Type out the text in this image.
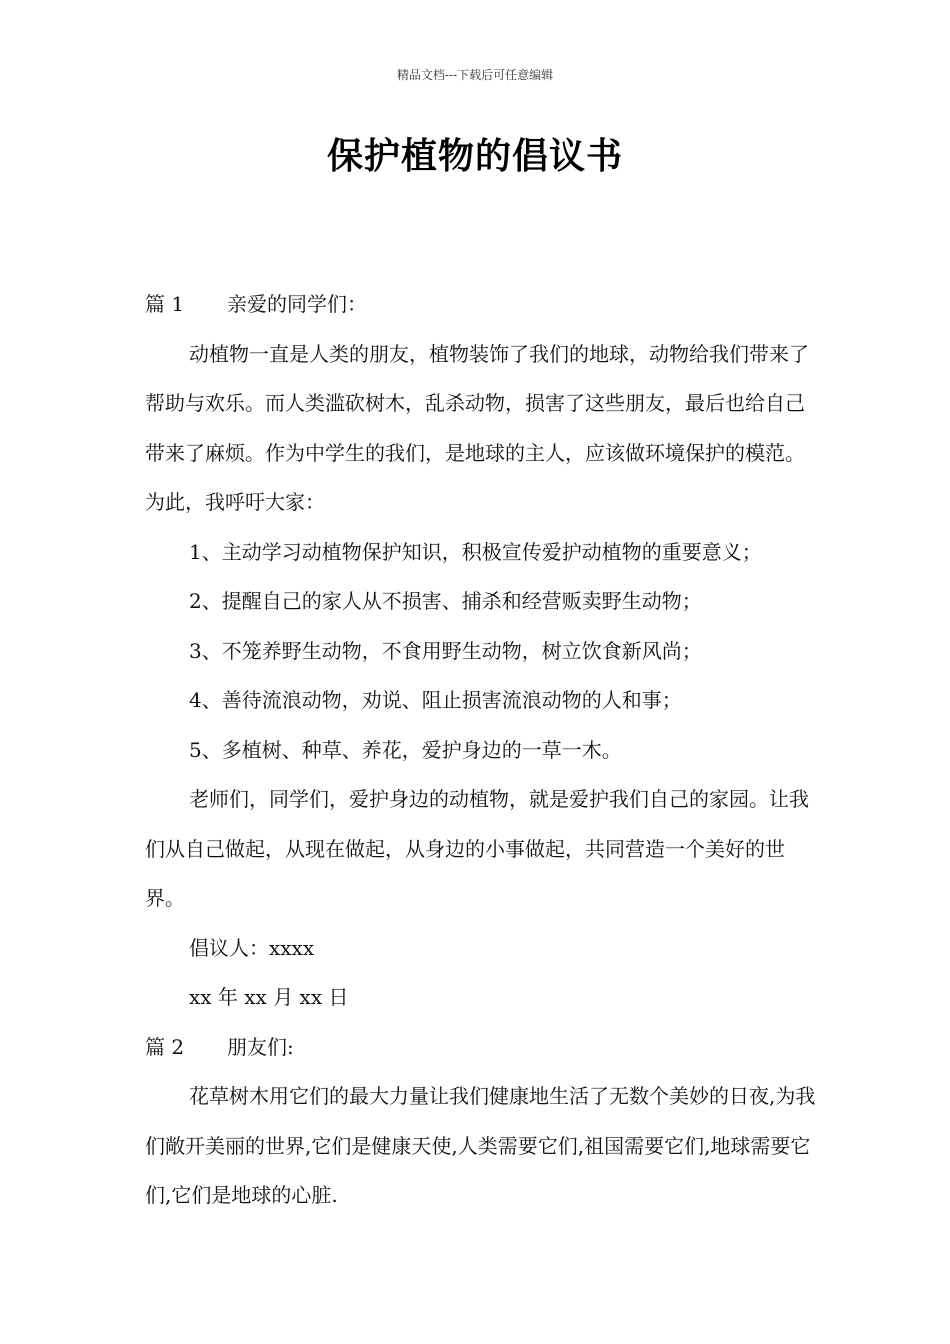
精品文档---下载后可任意编辑
保护植物的倡议书

篇 1 亲爱的同学们：

动植物一直是人类的朋友，植物装饰了我们的地球，动物给我们带来了帮助与欢乐。而人类滥砍树木，乱杀动物，损害了这些朋友，最后也给自己带来了麻烦。作为中学生的我们，是地球的主人，应该做环境保护的模范。为此，我呼吁大家：

1、主动学习动植物保护知识，积极宣传爱护动植物的重要意义；

2、提醒自己的家人从不损害、捕杀和经营贩卖野生动物；

3、不笼养野生动物，不食用野生动物，树立饮食新风尚；

4、善待流浪动物，劝说、阻止损害流浪动物的人和事；

5、多植树、种草、养花，爱护身边的一草一木。

老师们，同学们，爱护身边的动植物，就是爱护我们自己的家园。让我们从自己做起，从现在做起，从身边的小事做起，共同营造一个美好的世界。

倡议人：xxxx

xx 年 xx 月 xx 日

篇 2 朋友们:

花草树木用它们的最大力量让我们健康地生活了无数个美妙的日夜,为我们敞开美丽的世界,它们是健康天使,人类需要它们,祖国需要它们,地球需要它们,它们是地球的心脏.
